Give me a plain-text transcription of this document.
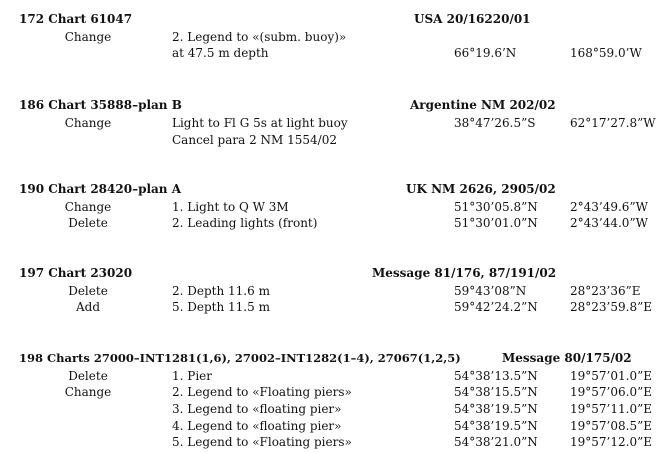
172 Chart 61047	USA 20/16220/01
Change	2. Legend to «(subm. buoy)»
at 47.5 m depth	66°19.6’N	168°59.0’W
186 Chart 35888–plan B	Argentine NM 202/02
Change	Light to Fl G 5s at light buoy	38°47’26.5”S	62°17’27.8”W
Cancel para 2 NM 1554/02
190 Chart 28420–plan A	UK NM 2626, 2905/02
Change	1. Light to Q W 3M	51°30’05.8”N	2°43’49.6”W
Delete	2. Leading lights (front)	51°30’01.0”N	2°43’44.0”W
197 Chart 23020	Message 81/176, 87/191/02
Delete	2. Depth 11.6 m	59°43’08”N	28°23’36”E
Add	5. Depth 11.5 m	59°42’24.2”N	28°23’59.8”E
198 Charts 27000–INT1281(1,6), 27002–INT1282(1–4), 27067(1,2,5)	Message 80/175/02
Delete	1. Pier	54°38’13.5”N	19°57’01.0”E
Change	2. Legend to «Floating piers»	54°38’15.5”N	19°57’06.0”E
3. Legend to «floating pier»	54°38’19.5”N	19°57’11.0”E
4. Legend to «floating pier»	54°38’19.5”N	19°57’08.5”E
5. Legend to «Floating piers»	54°38’21.0”N	19°57’12.0”E
